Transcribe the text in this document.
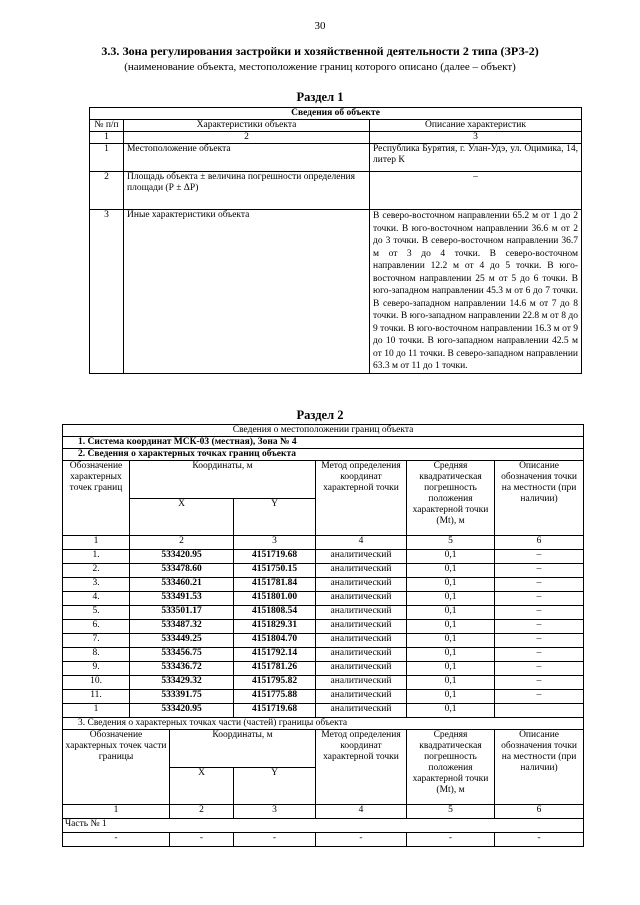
30
3.3. Зона регулирования застройки и хозяйственной деятельности 2 типа (ЗРЗ-2)
(наименование объекта, местоположение границ которого описано (далее – объект)
Раздел 1
Сведения об объекте		
№ п/п	Характеристики объекта	Описание характеристик
1	2	3
1	Местоположение объекта	Республика Бурятия, г. Улан-Удэ, ул. Оцимика, 14, литер К
2	Площадь объекта ± величина погрешности определения площади (Р ± ΔР)	–
3	Иные характеристики объекта	В северо-восточном направлении 65.2 м от 1 до 2 точки. В юго-восточном направлении 36.6 м от 2 до 3 точки. В северо-восточном направлении 36.7 м от 3 до 4 точки. В северо-восточном направлении 12.2 м от 4 до 5 точки. В юго-восточном направлении 25 м от 5 до 6 точки. В юго-западном направлении 45.3 м от 6 до 7 точки. В северо-западном направлении 14.6 м от 7 до 8 точки. В юго-западном направлении 22.8 м от 8 до 9 точки. В юго-восточном направлении 16.3 м от 9 до 10 точки. В юго-западном направлении 42.5 м от 10 до 11 точки. В северо-западном направлении 63.3 м от 11 до 1 точки.
Раздел 2
Сведения о местоположении границ объекта						
1. Система координат МСК-03 (местная), Зона № 4						
2. Сведения о характерных точках границ объекта						
Обозначение характерных точек границ	Координаты, м			Метод определения координат характерной точки	Средняя квадратическая погрешность положения характерной точки (Mt), м	Описание обозначения точки на местности (при наличии)
	X		Y			
1	2		3	4	5	6
1.	533420.95		4151719.68	аналитический	0,1	–
2.	533478.60		4151750.15	аналитический	0,1	–
3.	533460.21		4151781.84	аналитический	0,1	–
4.	533491.53		4151801.00	аналитический	0,1	–
5.	533501.17		4151808.54	аналитический	0,1	–
6.	533487.32		4151829.31	аналитический	0,1	–
7.	533449.25		4151804.70	аналитический	0,1	–
8.	533456.75		4151792.14	аналитический	0,1	–
9.	533436.72		4151781.26	аналитический	0,1	–
10.	533429.32		4151795.82	аналитический	0,1	–
11.	533391.75		4151775.88	аналитический	0,1	–
1	533420.95		4151719.68	аналитический	0,1	
3. Сведения о характерных точках части (частей) границы объекта						
Обозначение характерных точек части границы		Координаты, м		Метод определения координат характерной точки	Средняя квадратическая погрешность положения характерной точки (Mt), м	Описание обозначения точки на местности (при наличии)
		X	Y			
1		2	3	4	5	6
Часть № 1						
-		-	-	-	-	-
